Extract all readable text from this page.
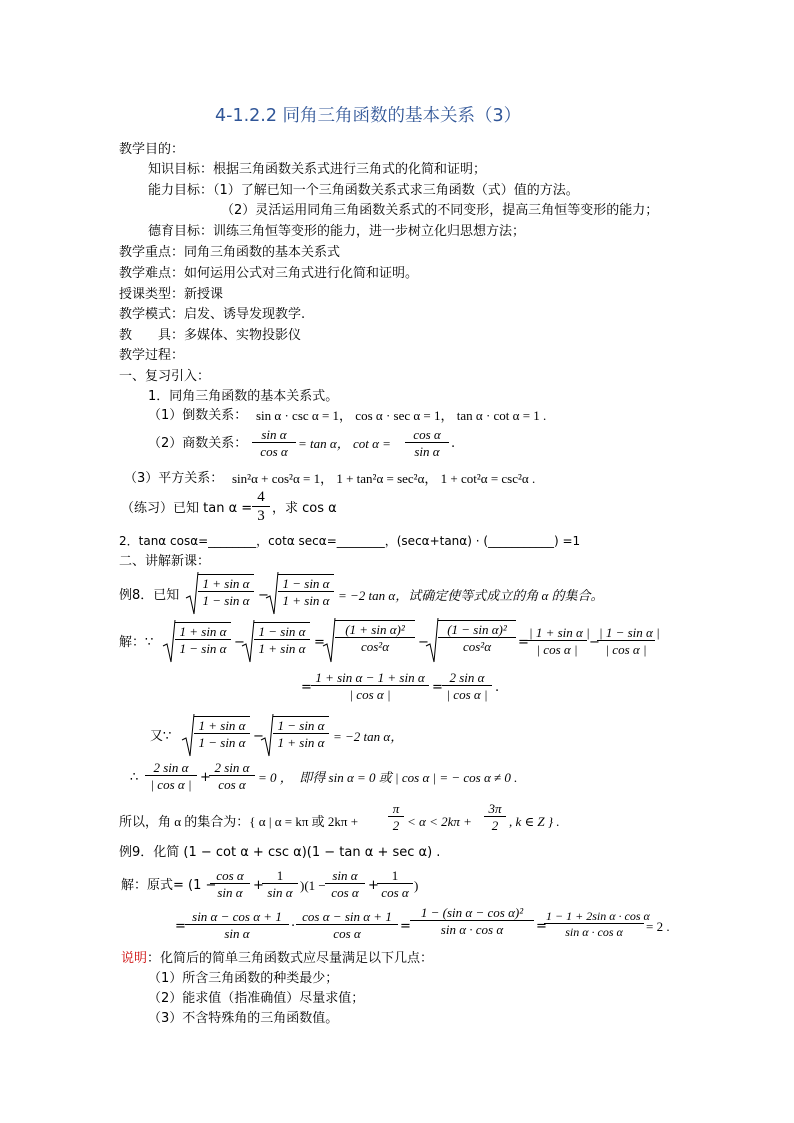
4-1.2.2 同角三角函数的基本关系（3）
教学目的：
知识目标：根据三角函数关系式进行三角式的化简和证明；
能力目标：（1）了解已知一个三角函数关系式求三角函数（式）值的方法。
（2）灵活运用同角三角函数关系式的不同变形，提高三角恒等变形的能力；
德育目标：训练三角恒等变形的能力，进一步树立化归思想方法；
教学重点：同角三角函数的基本关系式
教学难点：如何运用公式对三角式进行化简和证明。
授课类型：新授课
教学模式：启发、诱导发现教学.
教　　具：多媒体、实物投影仪
教学过程：
一、复习引入：
1．同角三角函数的基本关系式。
（1）倒数关系： sin α · csc α = 1， cos α · sec α = 1， tan α · cot α = 1 .
（2）商数关系： $\frac{\text{sin α}}{\text{cos α}} = \tan \alpha$， $\cot \alpha = \frac{\text{cos α}}{\text{sin α}}$ .
（3）平方关系： sin²α + cos²α = 1， 1 + tan²α = sec²α， 1 + cot²α = csc²α .
（练习）已知 $\tan \alpha = \frac{4}{3}$ ，求 cos α
2．tanα cosα=________，cotα secα=________，(secα+tanα) · (___________) =1
二、讲解新课：
例8．已知 $\frac{\text{1 + sin α}}{\text{1 − sin α}} - \frac{\text{1 − sin α}}{\text{1 + sin α}} = -2$ tan α，试确定使等式成立的角 α 的集合。
解：∵ $\frac{\text{1 + sin α}}{\text{1 − sin α}} - \frac{\text{1 − sin α}}{\text{1 + sin α}} = \frac{\text{(1 + sin α)²}}{\text{cos²α}} - \frac{\text{(1 − sin α)²}}{\text{cos²α}}$ =
$\frac{\text{| 1 + sin α |}}{\text{| cos α |}}$ −
$\frac{\text{| 1 − sin α |}}{\text{| cos α |}}$
= $\frac{\text{1 + sin α − 1 + sin α}}{\text{| cos α |}} = \frac{\text{2 sin α}}{\text{| cos α |}}$ .
又∵ $\frac{\text{1 + sin α}}{\text{1 − sin α}} - \frac{\text{1 − sin α}}{\text{1 + sin α}} = -2$ tan α，
∴ $\frac{\text{2 sin α}}{\text{| cos α |}}$ +
$\frac{\text{2 sin α}}{\text{cos α}} = 0$ ，　即得 sin α = 0 或 | cos α | = − cos α ≠ 0 .
所以，角 α 的集合为：{ α | α = kπ 或 $2k\pi + \frac{\pi}{2} < \alpha < 2k\pi + \frac{3\pi}{2}$ , k ∈ Z } .
例9．化简 (1 − cot α + csc α)(1 − tan α + sec α) .
解：原式= (1 −
$\frac{\text{cos α}}{\text{sin α}}$ +
$\frac{1}{\text{sin α}} )(1 - \frac{\text{sin α}}{\text{cos α}}$ +
$\frac{1}{\text{cos α}}$ )
= $\frac{\text{sin α − cos α + 1}}{\text{sin α}} \cdot \frac{\text{cos α − sin α + 1}}{\text{cos α}} = \frac{\text{1 − (sin α − cos α)²}}{\text{sin α · cos α}}$ =
$\frac{\text{1 − 1 + 2sin α · cos α}}{\text{sin α · cos α}} = 2$ .
说明：化简后的简单三角函数式应尽量满足以下几点：
（1）所含三角函数的种类最少；
（2）能求值（指准确值）尽量求值；
（3）不含特殊角的三角函数值。
